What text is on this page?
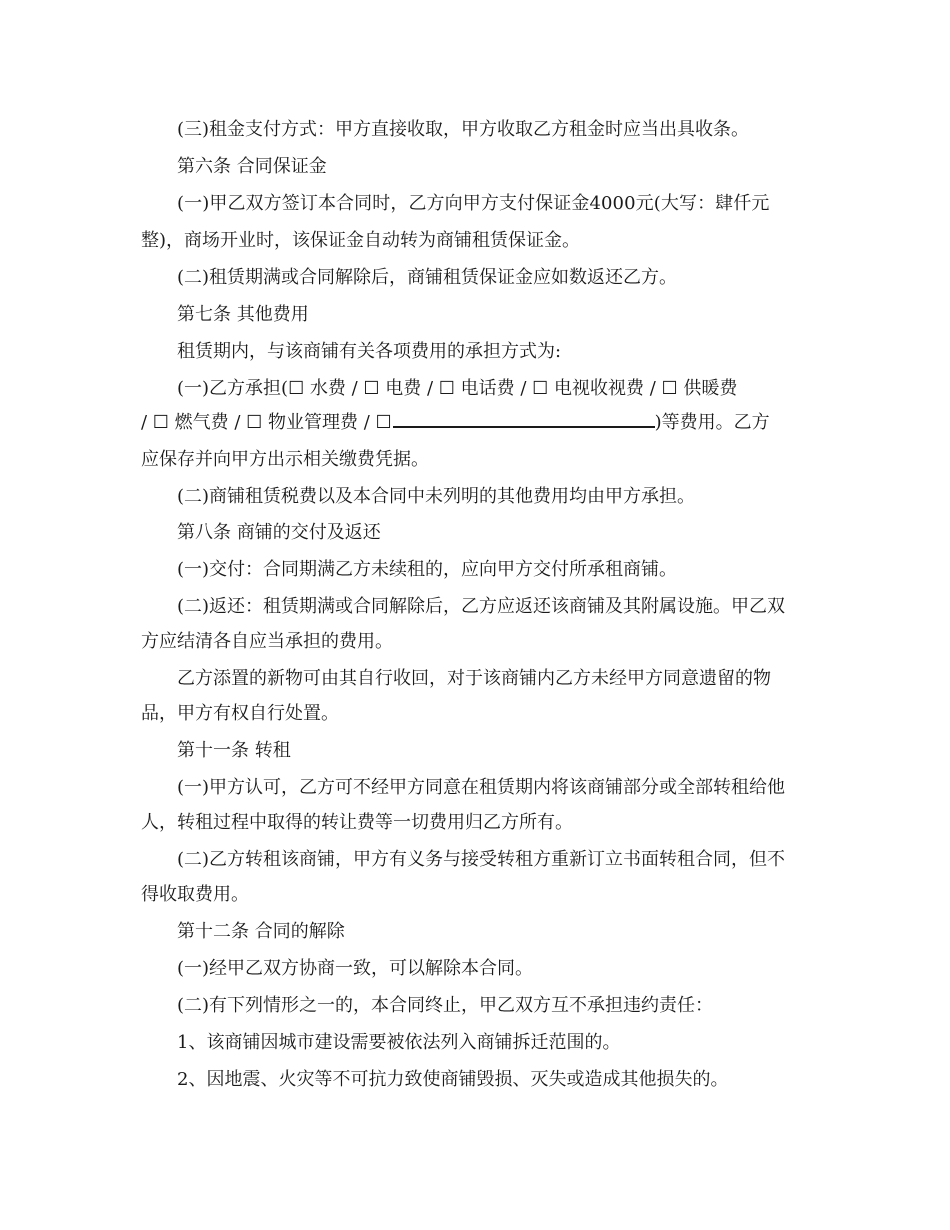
(三)租金支付方式：甲方直接收取，甲方收取乙方租金时应当出具收条。
第六条 合同保证金
(一)甲乙双方签订本合同时，乙方向甲方支付保证金4000元(大写：肆仟元
整)，商场开业时，该保证金自动转为商铺租赁保证金。
(二)租赁期满或合同解除后，商铺租赁保证金应如数返还乙方。
第七条 其他费用
租赁期内，与该商铺有关各项费用的承担方式为:
(一)乙方承担(☐ 水费 / ☐ 电费 / ☐ 电话费 / ☐ 电视收视费 / ☐ 供暖费
/ ☐ 燃气费 / ☐ 物业管理费 / ☐	)等费用。乙方
应保存并向甲方出示相关缴费凭据。
(二)商铺租赁税费以及本合同中未列明的其他费用均由甲方承担。
第八条 商铺的交付及返还
(一)交付：合同期满乙方未续租的，应向甲方交付所承租商铺。
(二)返还：租赁期满或合同解除后，乙方应返还该商铺及其附属设施。甲乙双
方应结清各自应当承担的费用。
乙方添置的新物可由其自行收回，对于该商铺内乙方未经甲方同意遗留的物
品，甲方有权自行处置。
第十一条 转租
(一)甲方认可，乙方可不经甲方同意在租赁期内将该商铺部分或全部转租给他
人，转租过程中取得的转让费等一切费用归乙方所有。
(二)乙方转租该商铺，甲方有义务与接受转租方重新订立书面转租合同，但不
得收取费用。
第十二条 合同的解除
(一)经甲乙双方协商一致，可以解除本合同。
(二)有下列情形之一的，本合同终止，甲乙双方互不承担违约责任：
1、该商铺因城市建设需要被依法列入商铺拆迁范围的。
2、因地震、火灾等不可抗力致使商铺毁损、灭失或造成其他损失的。
